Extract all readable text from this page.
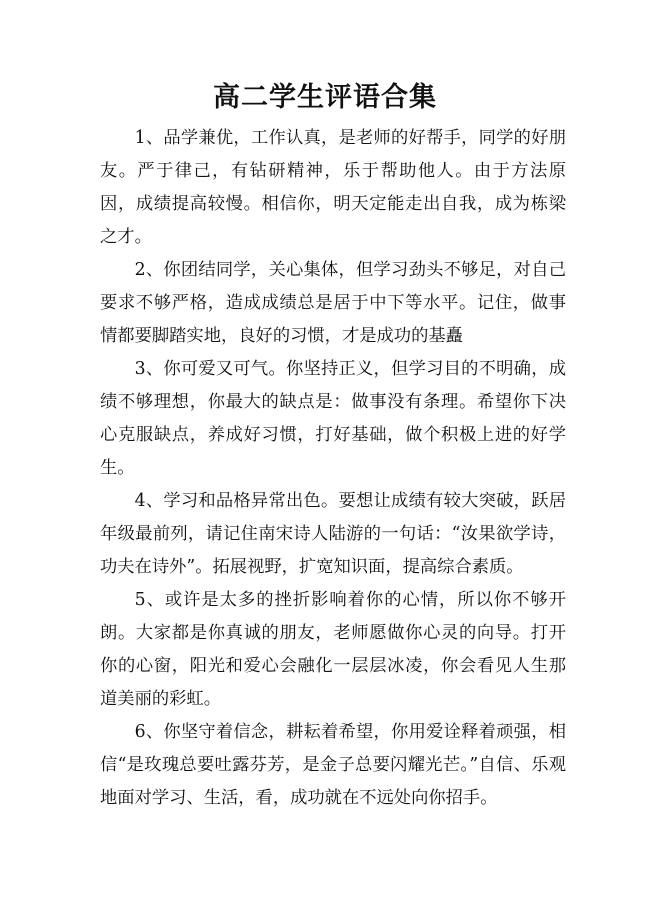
高二学生评语合集

1、品学兼优，工作认真，是老师的好帮手，同学的好朋友。严于律己，有钻研精神，乐于帮助他人。由于方法原因，成绩提高较慢。相信你，明天定能走出自我，成为栋梁之才。

2、你团结同学，关心集体，但学习劲头不够足，对自己要求不够严格，造成成绩总是居于中下等水平。记住，做事情都要脚踏实地，良好的习惯，才是成功的基矗

3、你可爱又可气。你坚持正义，但学习目的不明确，成绩不够理想，你最大的缺点是：做事没有条理。希望你下决心克服缺点，养成好习惯，打好基础，做个积极上进的好学生。

4、学习和品格异常出色。要想让成绩有较大突破，跃居年级最前列，请记住南宋诗人陆游的一句话：“汝果欲学诗，功夫在诗外”。拓展视野，扩宽知识面，提高综合素质。

5、或许是太多的挫折影响着你的心情，所以你不够开朗。大家都是你真诚的朋友，老师愿做你心灵的向导。打开你的心窗，阳光和爱心会融化一层层冰凌，你会看见人生那道美丽的彩虹。

6、你坚守着信念，耕耘着希望，你用爱诠释着顽强，相信“是玫瑰总要吐露芬芳，是金子总要闪耀光芒。”自信、乐观地面对学习、生活，看，成功就在不远处向你招手。
